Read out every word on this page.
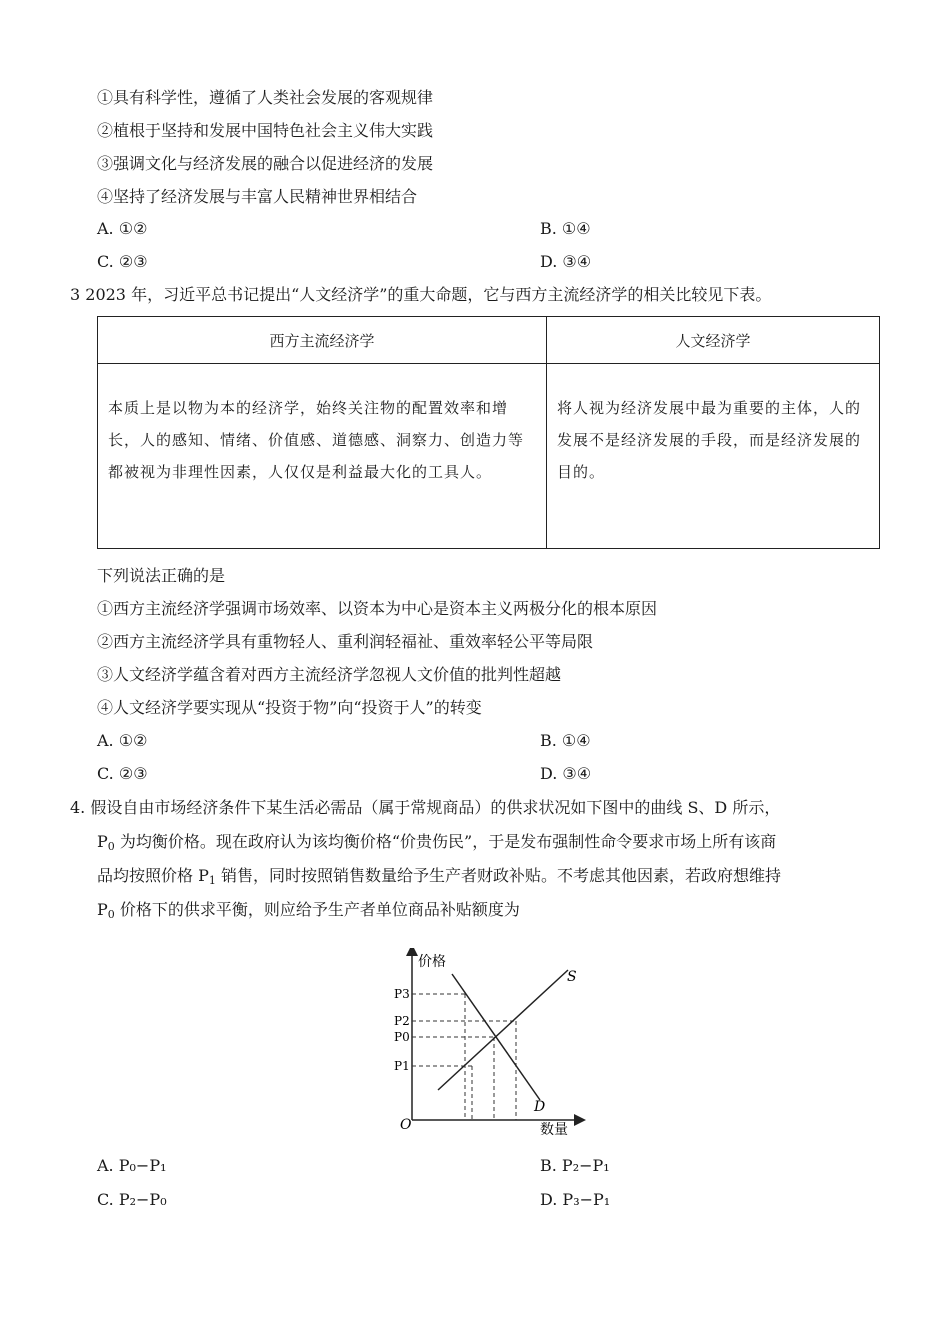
①具有科学性，遵循了人类社会发展的客观规律
②植根于坚持和发展中国特色社会主义伟大实践
③强调文化与经济发展的融合以促进经济的发展
④坚持了经济发展与丰富人民精神世界相结合
A. ①②	B. ①④
C. ②③	D. ③④
3 2023 年，习近平总书记提出“人文经济学”的重大命题，它与西方主流经济学的相关比较见下表。
西方主流经济学	人文经济学
本质上是以物为本的经济学，始终关注物的配置效率和增长，人的感知、情绪、价值感、道德感、洞察力、创造力等都被视为非理性因素，人仅仅是利益最大化的工具人。	将人视为经济发展中最为重要的主体，人的发展不是经济发展的手段，而是经济发展的目的。
下列说法正确的是
①西方主流经济学强调市场效率、以资本为中心是资本主义两极分化的根本原因
②西方主流经济学具有重物轻人、重利润轻福祉、重效率轻公平等局限
③人文经济学蕴含着对西方主流经济学忽视人文价值的批判性超越
④人文经济学要实现从“投资于物”向“投资于人”的转变
A. ①②	B. ①④
C. ②③	D. ③④
4. 假设自由市场经济条件下某生活必需品（属于常规商品）的供求状况如下图中的曲线 S、D 所示，
$P_0$ 为均衡价格。现在政府认为该均衡价格“价贵伤民”，于是发布强制性命令要求市场上所有该商
品均按照价格 $P_1$ 销售，同时按照销售数量给予生产者财政补贴。不考虑其他因素，若政府想维持
$P_0$ 价格下的供求平衡，则应给予生产者单位商品补贴额度为
价格
数量
O
S
D
P3
P2
P0
P1
A. P₀−P₁	B. P₂−P₁
C. P₂−P₀	D. P₃−P₁
